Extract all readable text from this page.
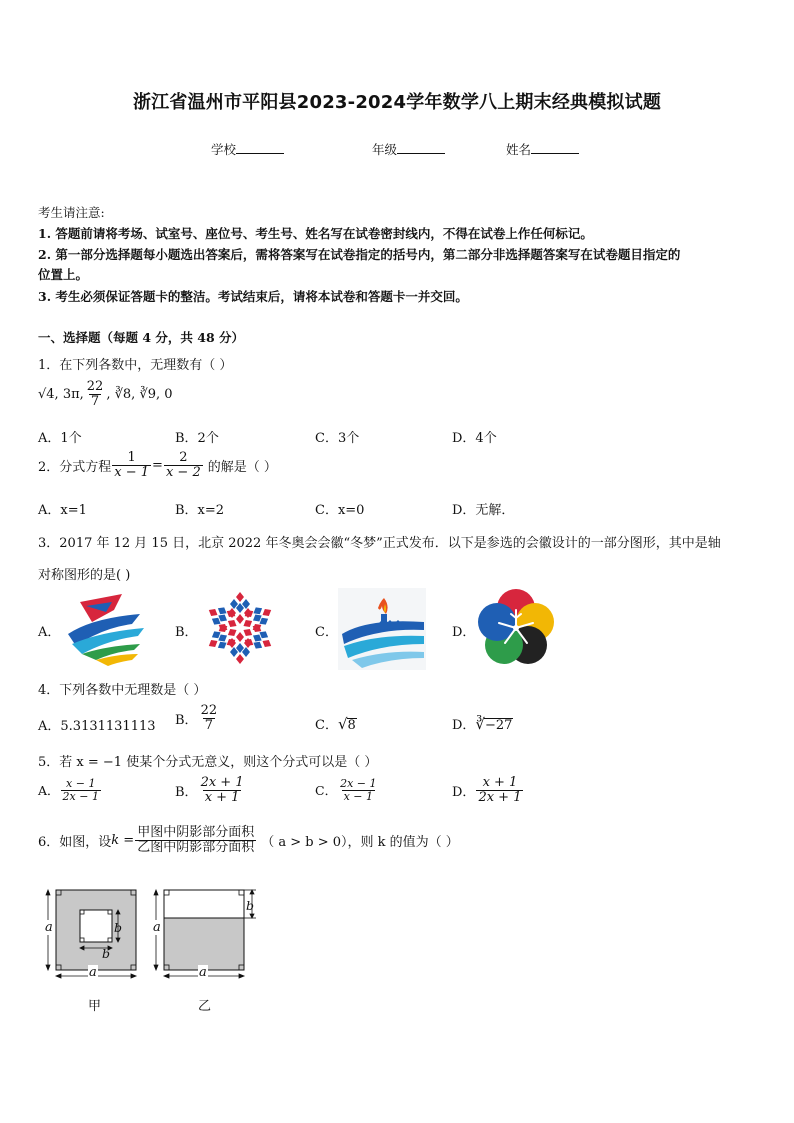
浙江省温州市平阳县2023-2024学年数学八上期末经典模拟试题
学校	年级	姓名
考生请注意:
1. 答题前请将考场、试室号、座位号、考生号、姓名写在试卷密封线内，不得在试卷上作任何标记。
2. 第一部分选择题每小题选出答案后，需将答案写在试卷指定的括号内，第二部分非选择题答案写在试卷题目指定的
位置上。
3. 考生必须保证答题卡的整洁。考试结束后，请将本试卷和答题卡一并交回。
一、选择题（每题 4 分，共 48 分）
1．在下列各数中，无理数有（ ）
√4, 3π, $\frac{22}{7}$ , ∛8, ∛9, 0
A．1个	B．2个	C．3个	D．4个
2．分式方程 $\frac{1}{x - 1} = \frac{2}{x - 2}$ 的解是（ ）
A．x=1	B．x=2	C．x=0	D．无解．
3．2017 年 12 月 15 日，北京 2022 年冬奥会会徽“冬梦”正式发布．以下是参选的会徽设计的一部分图形，其中是轴
对称图形的是( )
A．	B．	C．	D．
4．下列各数中无理数是（ ）
A．5.3131131113 B． $\frac{22}{7}$	C．√8	D．∛−27
5．若 x = −1 使某个分式无意义，则这个分式可以是（ ）
A． $\frac{x - 1}{2x - 1}$	B． $\frac{2x + 1}{x + 1}$	C． $\frac{2x - 1}{x - 1}$	D． $\frac{x + 1}{2x + 1}$
6．如图，设 $k = \frac{\text{甲图中阴影部分面积}}{\text{乙图中阴影部分面积}}$ （ a > b > 0），则 k 的值为（ ）
a
a
b
b
甲
a
a
b
乙
